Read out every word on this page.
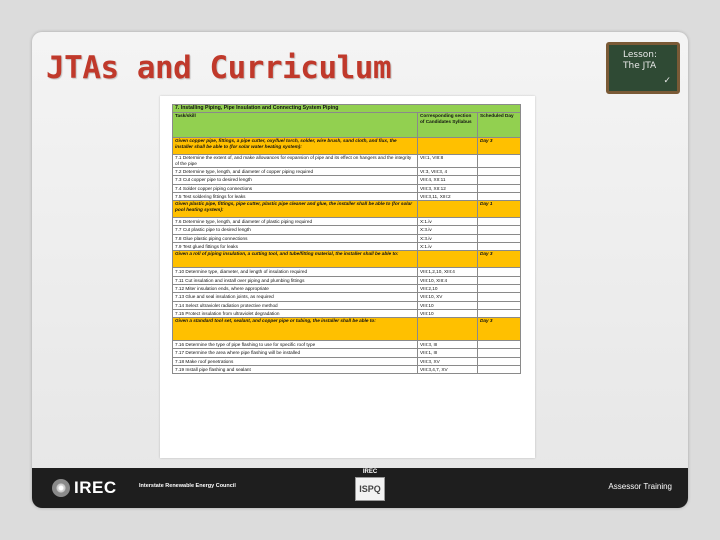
JTAs and Curriculum	Lesson:
The JTA
✓
7. Installing Piping, Pipe Insulation and Connecting System Piping		
Task/skill	Corresponding section of Candidates Syllabus	Scheduled Day
Given copper pipe, fittings, a pipe cutter, oxy/fuel torch, solder, wire brush, sand cloth, and flux, the installer shall be able to (for solar water heating system):		Day 3
7.1 Determine the extent of, and make allowances for expansion of pipe and its effect on hangers and the integrity of the pipe	VII:1, VIII:8	
7.2 Determine type, length, and diameter of copper piping required	VI:3, VIII:3, 4	
7.3 Cut copper pipe to desired length	VIII:4, XII:11	
7.4 Solder copper piping connections	VIII:3, XII:12	
7.5 Test soldering fittings for leaks	VIII:3,11, XIII:2	
Given plastic pipe, fittings, pipe cutter, plastic pipe cleaner and glue, the installer shall be able to (for solar pool heating system):		Day 1
7.6 Determine type, length, and diameter of plastic piping required	X:1.iv	
7.7 Cut plastic pipe to desired length	X:3.iv	
7.8 Glue plastic piping connections	X:3.iv	
7.9 Test glued fittings for leaks	X:1.iv	
Given a roll of piping insulation, a cutting tool, and tube/fitting material, the installer shall be able to:		Day 3
7.10 Determine type, diameter, and length of insulation required	VIII:1,2,10, XIII:4	
7.11 Cut insulation and install over piping and plumbing fittings	VIII:10, XIII:4	
7.12 Miter insulation ends, where appropriate	VIII:2,10	
7.13 Glue and seal insulation joints, as required	VIII:10, XV	
7.14 Select ultraviolet radiation protective method	VIII:10	
7.15 Protect insulation from ultraviolet degradation	VIII:10	
Given a standard tool set, sealant, and copper pipe or tubing, the installer shall be able to:		Day 3
7.16 Determine the type of pipe flashing to use for specific roof type	VIII:3, III	
7.17 Determine the area where pipe flashing will be installed	VIII:1, III	
7.18 Make roof penetrations	VIII:3, XV	
7.19 Install pipe flashing and sealant	VIII:3,4,7, XV	
IREC	Interstate Renewable Energy Council
IREC
ISPQ	Assessor Training
